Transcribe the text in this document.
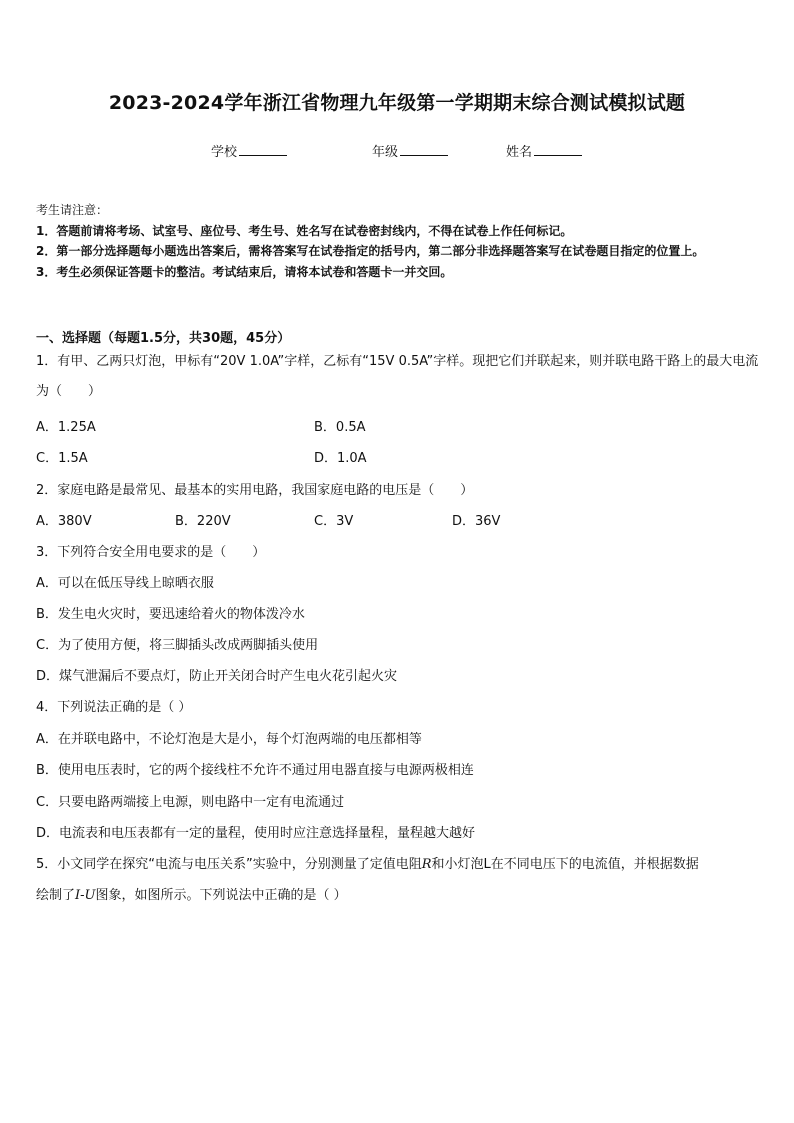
2023-2024学年浙江省物理九年级第一学期期末综合测试模拟试题
学校	年级	姓名
考生请注意：
1．答题前请将考场、试室号、座位号、考生号、姓名写在试卷密封线内，不得在试卷上作任何标记。
2．第一部分选择题每小题选出答案后，需将答案写在试卷指定的括号内，第二部分非选择题答案写在试卷题目指定的位置上。
3．考生必须保证答题卡的整洁。考试结束后，请将本试卷和答题卡一并交回。
一、选择题（每题1.5分，共30题，45分）
1．有甲、乙两只灯泡，甲标有“20V 1.0A”字样，乙标有“15V 0.5A”字样。现把它们并联起来，则并联电路干路上的最大电流为（　　）
A．1.25A	B．0.5A
C．1.5A	D．1.0A
2．家庭电路是最常见、最基本的实用电路，我国家庭电路的电压是（　　）
A．380V	B．220V	C．3V	D．36V
3．下列符合安全用电要求的是（　　）
A．可以在低压导线上晾晒衣服
B．发生电火灾时，要迅速给着火的物体泼冷水
C．为了使用方便，将三脚插头改成两脚插头使用
D．煤气泄漏后不要点灯，防止开关闭合时产生电火花引起火灾
4．下列说法正确的是（ ）
A．在并联电路中，不论灯泡是大是小，每个灯泡两端的电压都相等
B．使用电压表时，它的两个接线柱不允许不通过用电器直接与电源两极相连
C．只要电路两端接上电源，则电路中一定有电流通过
D．电流表和电压表都有一定的量程，使用时应注意选择量程，量程越大越好
5．小文同学在探究“电流与电压关系”实验中，分别测量了定值电阻R和小灯泡L在不同电压下的电流值，并根据数据
绘制了I-U图象，如图所示。下列说法中正确的是（ ）
